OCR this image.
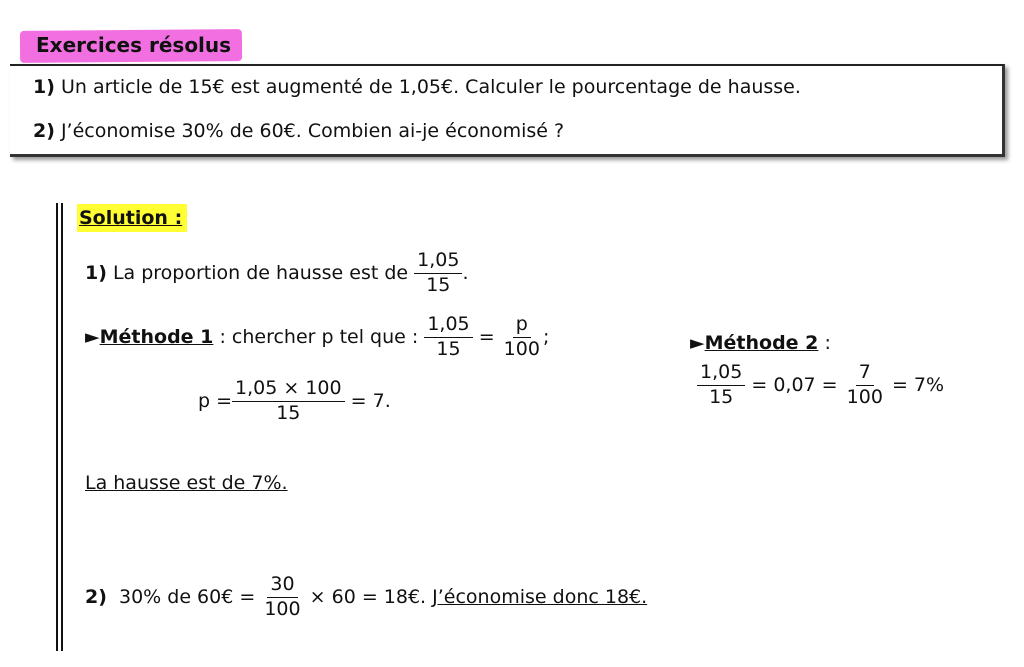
Exercices résolus
1) Un article de 15€ est augmenté de 1,05€. Calculer le pourcentage de hausse.
2) J’économise 30% de 60€. Combien ai-je économisé ?
Solution :
1)
La proportion de hausse est de
$\frac{1,05}{15}$ .
► Méthode 1
: chercher p tel que :
$\frac{1,05}{15}$
=
$\frac{p}{100}$ ;
$p = \frac{1,05 \times 100}{15}$
= 7.
►Méthode 2 :
$\frac{1,05}{15}$
= 0,07 =
$\frac{7}{100}$
= 7%
La hausse est de 7%.
2)
30% de 60€ =
$\frac{30}{100}$
× 60 = 18€.
J’économise donc 18€.
